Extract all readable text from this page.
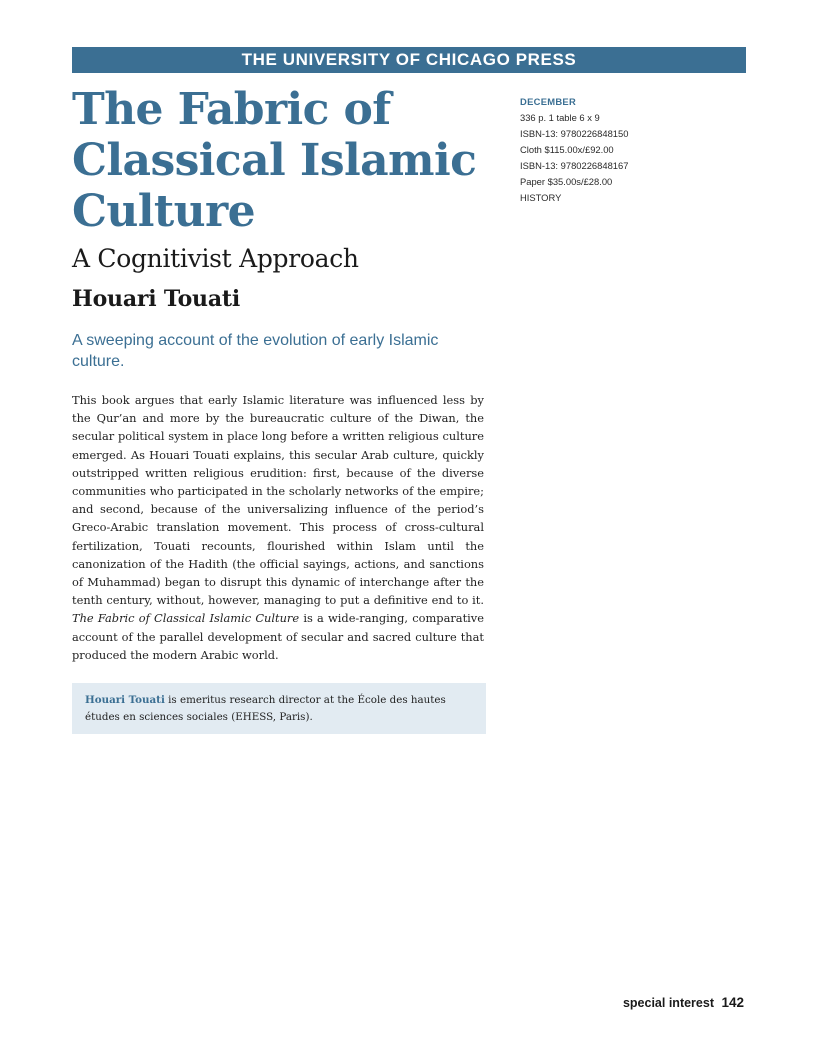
THE UNIVERSITY OF CHICAGO PRESS
The Fabric of Classical Islamic Culture
A Cognitivist Approach
Houari Touati

A sweeping account of the evolution of early Islamic culture.

This book argues that early Islamic literature was influenced less by the Qur’an and more by the bureaucratic culture of the Diwan, the secular political system in place long before a written religious culture emerged. As Houari Touati explains, this secular Arab culture, quickly outstripped written religious erudition: first, because of the diverse communities who participated in the scholarly networks of the empire; and second, because of the universalizing influence of the period’s Greco-Arabic translation movement. This process of cross-cultural fertilization, Touati recounts, flourished within Islam until the canonization of the Hadith (the official sayings, actions, and sanctions of Muhammad) began to disrupt this dynamic of interchange after the tenth century, without, however, managing to put a definitive end to it. The Fabric of Classical Islamic Culture is a wide-ranging, comparative account of the parallel development of secular and sacred culture that produced the modern Arabic world.

Houari Touati is emeritus research director at the École des hautes études en sciences sociales (EHESS, Paris).
DECEMBER
336 p. 1 table 6 x 9
ISBN-13: 9780226848150
Cloth $115.00x/£92.00
ISBN-13: 9780226848167
Paper $35.00s/£28.00
HISTORY
special interest 142
